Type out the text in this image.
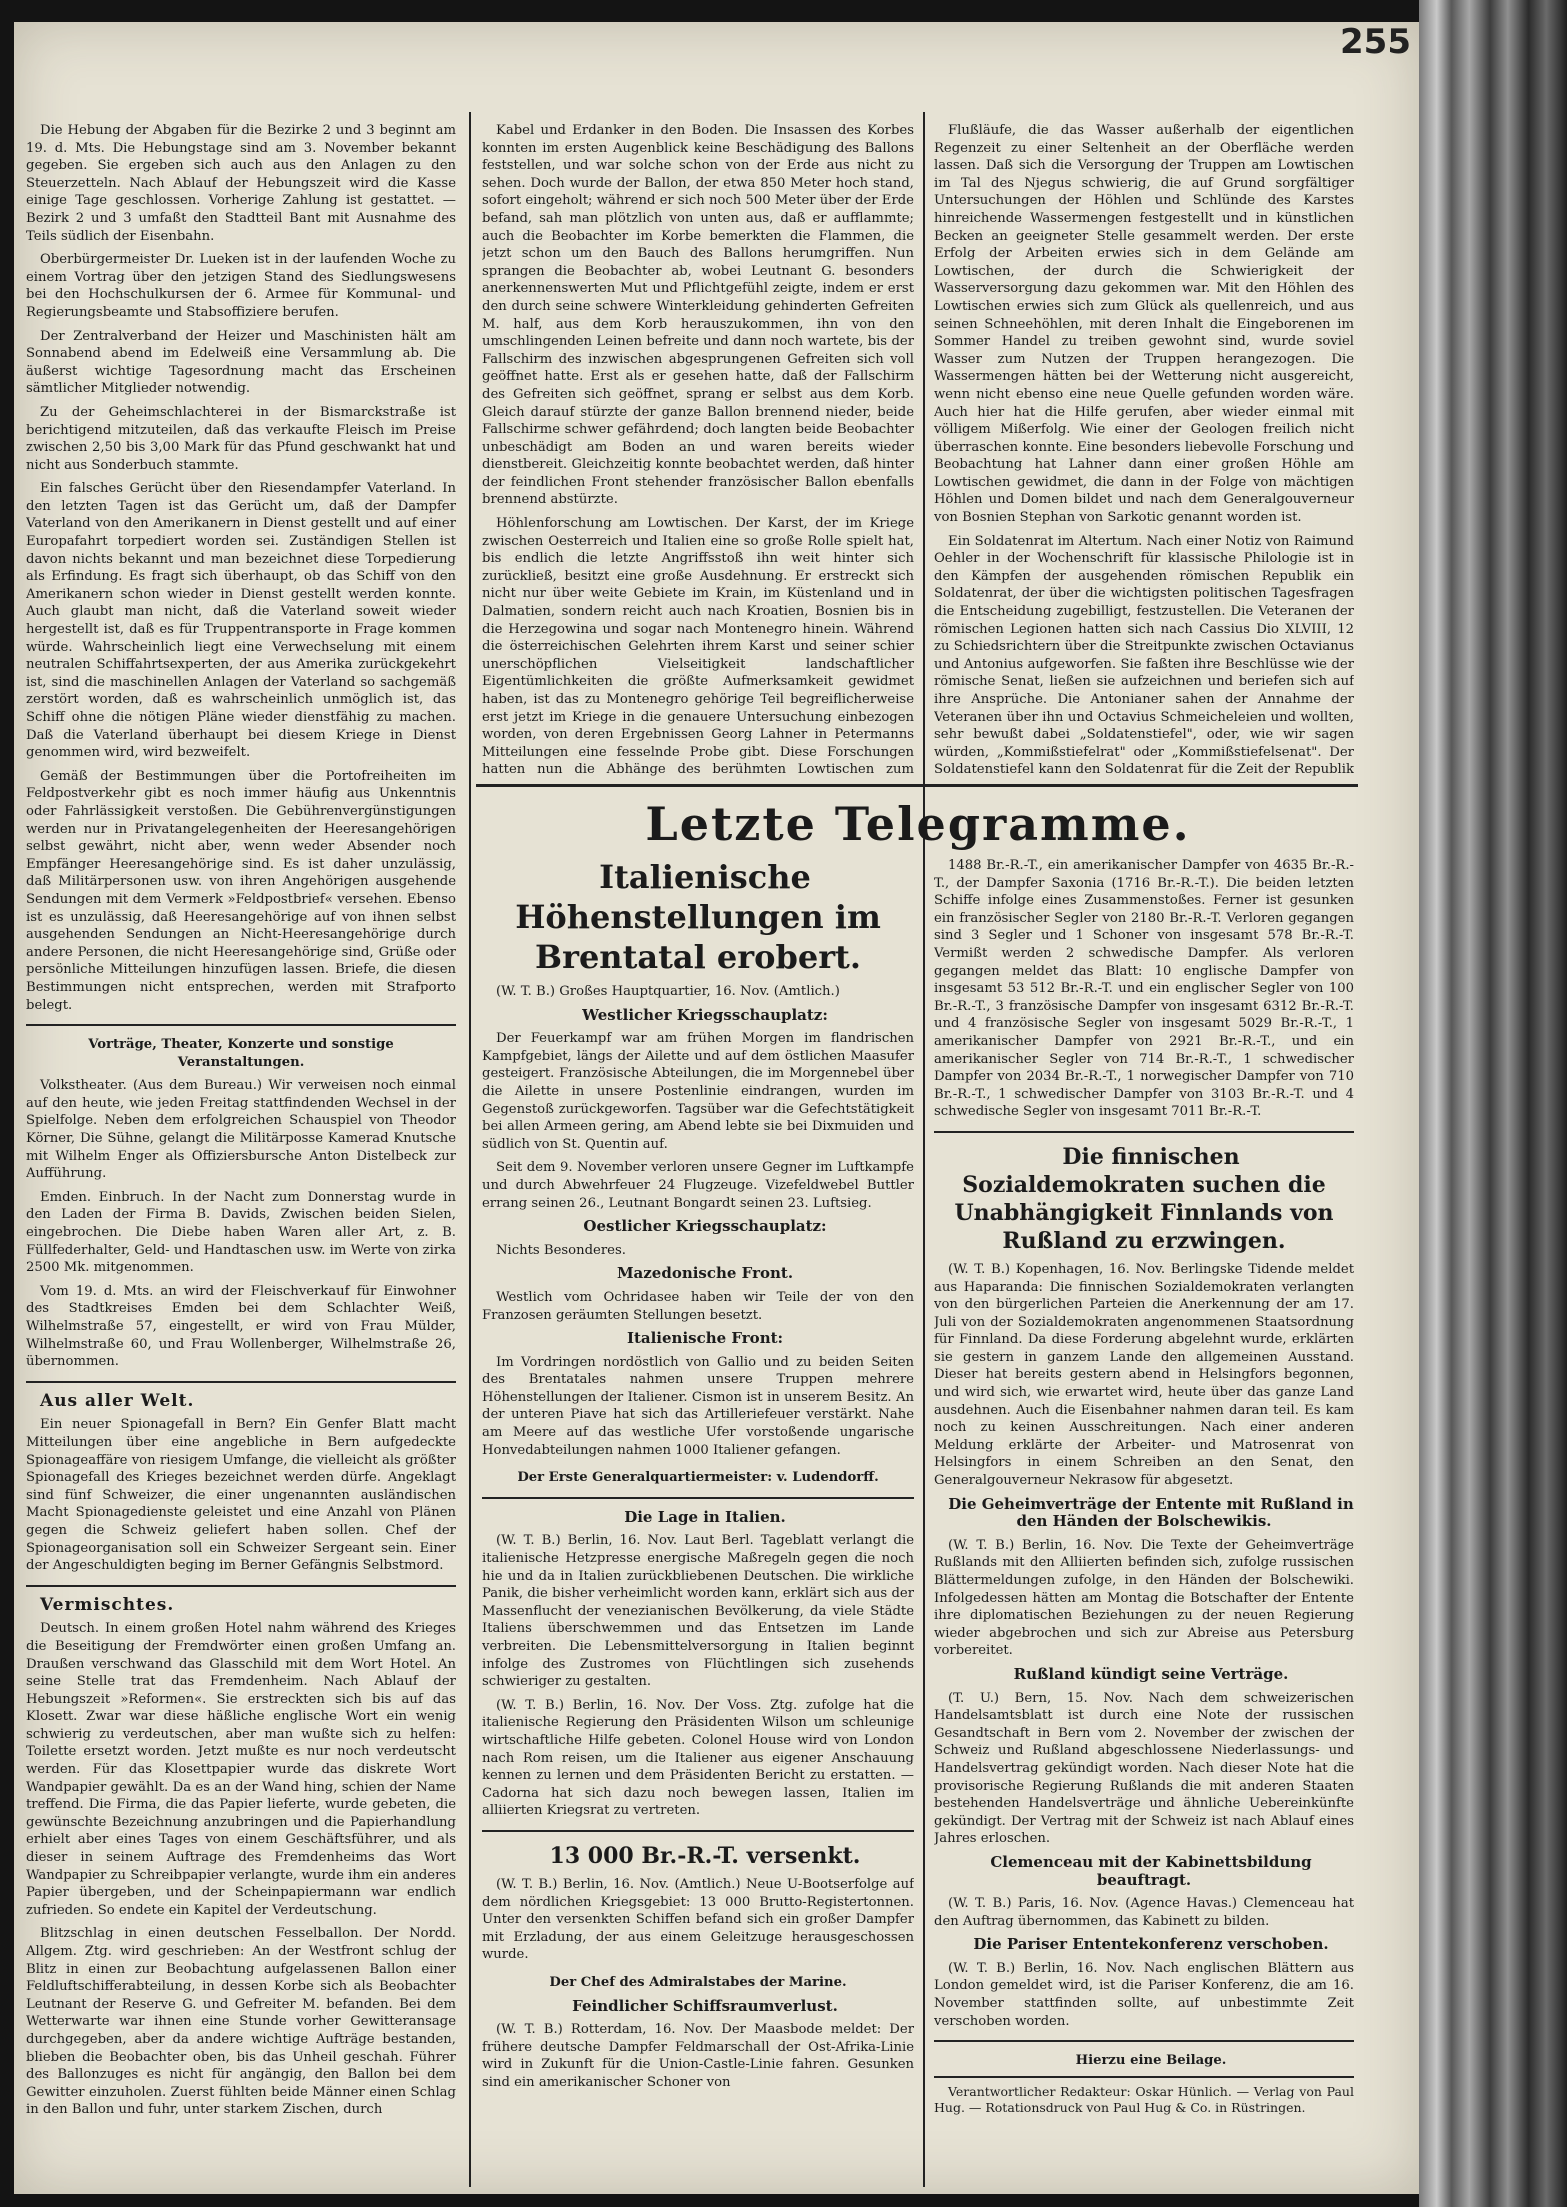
Die Hebung der Abgaben für die Bezirke 2 und 3 beginnt am 19. d. Mts. Die Hebungstage sind am 3. November bekannt gegeben. Sie ergeben sich auch aus den Anlagen zu den Steuerzetteln. Nach Ablauf der Hebungszeit wird die Kasse einige Tage geschlossen. Vorherige Zahlung ist gestattet. — Bezirk 2 und 3 umfaßt den Stadtteil Bant mit Ausnahme des Teils südlich der Eisenbahn.

Oberbürgermeister Dr. Lueken ist in der laufenden Woche zu einem Vortrag über den jetzigen Stand des Siedlungswesens bei den Hochschulkursen der 6. Armee für Kommunal- und Regierungsbeamte und Stabsoffiziere berufen.

Der Zentralverband der Heizer und Maschinisten hält am Sonnabend abend im Edelweiß eine Versammlung ab. Die äußerst wichtige Tagesordnung macht das Erscheinen sämtlicher Mitglieder notwendig.

Zu der Geheimschlachterei in der Bismarckstraße ist berichtigend mitzuteilen, daß das verkaufte Fleisch im Preise zwischen 2,50 bis 3,00 Mark für das Pfund geschwankt hat und nicht aus Sonderbuch stammte.

Ein falsches Gerücht über den Riesendampfer Vaterland. In den letzten Tagen ist das Gerücht um, daß der Dampfer Vaterland von den Amerikanern in Dienst gestellt und auf einer Europafahrt torpediert worden sei. Zuständigen Stellen ist davon nichts bekannt und man bezeichnet diese Torpedierung als Erfindung. Es fragt sich überhaupt, ob das Schiff von den Amerikanern schon wieder in Dienst gestellt werden konnte. Auch glaubt man nicht, daß die Vaterland soweit wieder hergestellt ist, daß es für Truppentransporte in Frage kommen würde. Wahrscheinlich liegt eine Verwechselung mit einem neutralen Schiffahrtsexperten, der aus Amerika zurückgekehrt ist, sind die maschinellen Anlagen der Vaterland so sachgemäß zerstört worden, daß es wahrscheinlich unmöglich ist, das Schiff ohne die nötigen Pläne wieder dienstfähig zu machen. Daß die Vaterland überhaupt bei diesem Kriege in Dienst genommen wird, wird bezweifelt.

Gemäß der Bestimmungen über die Portofreiheiten im Feldpostverkehr gibt es noch immer häufig aus Unkenntnis oder Fahrlässigkeit verstoßen. Die Gebührenvergünstigungen werden nur in Privatangelegenheiten der Heeresangehörigen selbst gewährt, nicht aber, wenn weder Absender noch Empfänger Heeresangehörige sind. Es ist daher unzulässig, daß Militärpersonen usw. von ihren Angehörigen ausgehende Sendungen mit dem Vermerk »Feldpostbrief« versehen. Ebenso ist es unzulässig, daß Heeresangehörige auf von ihnen selbst ausgehenden Sendungen an Nicht-Heeresangehörige durch andere Personen, die nicht Heeresangehörige sind, Grüße oder persönliche Mitteilungen hinzufügen lassen. Briefe, die diesen Bestimmungen nicht entsprechen, werden mit Strafporto belegt.

Vorträge, Theater, Konzerte und sonstige Veranstaltungen.

Volkstheater. (Aus dem Bureau.) Wir verweisen noch einmal auf den heute, wie jeden Freitag stattfindenden Wechsel in der Spielfolge. Neben dem erfolgreichen Schauspiel von Theodor Körner, Die Sühne, gelangt die Militärposse Kamerad Knutsche mit Wilhelm Enger als Offiziersbursche Anton Distelbeck zur Aufführung.

Emden. Einbruch. In der Nacht zum Donnerstag wurde in den Laden der Firma B. Davids, Zwischen beiden Sielen, eingebrochen. Die Diebe haben Waren aller Art, z. B. Füllfederhalter, Geld- und Handtaschen usw. im Werte von zirka 2500 Mk. mitgenommen.

Vom 19. d. Mts. an wird der Fleischverkauf für Einwohner des Stadtkreises Emden bei dem Schlachter Weiß, Wilhelmstraße 57, eingestellt, er wird von Frau Mülder, Wilhelmstraße 60, und Frau Wollenberger, Wilhelmstraße 26, übernommen.

Aus aller Welt.

Ein neuer Spionagefall in Bern? Ein Genfer Blatt macht Mitteilungen über eine angebliche in Bern aufgedeckte Spionageaffäre von riesigem Umfange, die vielleicht als größter Spionagefall des Krieges bezeichnet werden dürfe. Angeklagt sind fünf Schweizer, die einer ungenannten ausländischen Macht Spionagedienste geleistet und eine Anzahl von Plänen gegen die Schweiz geliefert haben sollen. Chef der Spionageorganisation soll ein Schweizer Sergeant sein. Einer der Angeschuldigten beging im Berner Gefängnis Selbstmord.

Vermischtes.

Deutsch. In einem großen Hotel nahm während des Krieges die Beseitigung der Fremdwörter einen großen Umfang an. Draußen verschwand das Glasschild mit dem Wort Hotel. An seine Stelle trat das Fremdenheim. Nach Ablauf der Hebungszeit »Reformen«. Sie erstreckten sich bis auf das Klosett. Zwar war diese häßliche englische Wort ein wenig schwierig zu verdeutschen, aber man wußte sich zu helfen: Toilette ersetzt worden. Jetzt mußte es nur noch verdeutscht werden. Für das Klosettpapier wurde das diskrete Wort Wandpapier gewählt. Da es an der Wand hing, schien der Name treffend. Die Firma, die das Papier lieferte, wurde gebeten, die gewünschte Bezeichnung anzubringen und die Papierhandlung erhielt aber eines Tages von einem Geschäftsführer, und als dieser in seinem Auftrage des Fremdenheims das Wort Wandpapier zu Schreibpapier verlangte, wurde ihm ein anderes Papier übergeben, und der Scheinpapiermann war endlich zufrieden. So endete ein Kapitel der Verdeutschung.

Blitzschlag in einen deutschen Fesselballon. Der Nordd. Allgem. Ztg. wird geschrieben: An der Westfront schlug der Blitz in einen zur Beobachtung aufgelassenen Ballon einer Feldluftschifferabteilung, in dessen Korbe sich als Beobachter Leutnant der Reserve G. und Gefreiter M. befanden. Bei dem Wetterwarte war ihnen eine Stunde vorher Gewitteransage durchgegeben, aber da andere wichtige Aufträge bestanden, blieben die Beobachter oben, bis das Unheil geschah. Führer des Ballonzuges es nicht für angängig, den Ballon bei dem Gewitter einzuholen. Zuerst fühlten beide Männer einen Schlag in den Ballon und fuhr, unter starkem Zischen, durch

Kabel und Erdanker in den Boden. Die Insassen des Korbes konnten im ersten Augenblick keine Beschädigung des Ballons feststellen, und war solche schon von der Erde aus nicht zu sehen. Doch wurde der Ballon, der etwa 850 Meter hoch stand, sofort eingeholt; während er sich noch 500 Meter über der Erde befand, sah man plötzlich von unten aus, daß er aufflammte; auch die Beobachter im Korbe bemerkten die Flammen, die jetzt schon um den Bauch des Ballons herumgriffen. Nun sprangen die Beobachter ab, wobei Leutnant G. besonders anerkennenswerten Mut und Pflichtgefühl zeigte, indem er erst den durch seine schwere Winterkleidung gehinderten Gefreiten M. half, aus dem Korb herauszukommen, ihn von den umschlingenden Leinen befreite und dann noch wartete, bis der Fallschirm des inzwischen abgesprungenen Gefreiten sich voll geöffnet hatte. Erst als er gesehen hatte, daß der Fallschirm des Gefreiten sich geöffnet, sprang er selbst aus dem Korb. Gleich darauf stürzte der ganze Ballon brennend nieder, beide Fallschirme schwer gefährdend; doch langten beide Beobachter unbeschädigt am Boden an und waren bereits wieder dienstbereit. Gleichzeitig konnte beobachtet werden, daß hinter der feindlichen Front stehender französischer Ballon ebenfalls brennend abstürzte.

Höhlenforschung am Lowtischen. Der Karst, der im Kriege zwischen Oesterreich und Italien eine so große Rolle spielt hat, bis endlich die letzte Angriffsstoß ihn weit hinter sich zurückließ, besitzt eine große Ausdehnung. Er erstreckt sich nicht nur über weite Gebiete im Krain, im Küstenland und in Dalmatien, sondern reicht auch nach Kroatien, Bosnien bis in die Herzegowina und sogar nach Montenegro hinein. Während die österreichischen Gelehrten ihrem Karst und seiner schier unerschöpflichen Vielseitigkeit landschaftlicher Eigentümlichkeiten die größte Aufmerksamkeit gewidmet haben, ist das zu Montenegro gehörige Teil begreiflicherweise erst jetzt im Kriege in die genauere Untersuchung einbezogen worden, von deren Ergebnissen Georg Lahner in Petermanns Mitteilungen eine fesselnde Probe gibt. Diese Forschungen hatten nun die Abhänge des berühmten Lowtischen zum

Flußläufe, die das Wasser außerhalb der eigentlichen Regenzeit zu einer Seltenheit an der Oberfläche werden lassen. Daß sich die Versorgung der Truppen am Lowtischen im Tal des Njegus schwierig, die auf Grund sorgfältiger Untersuchungen der Höhlen und Schlünde des Karstes hinreichende Wassermengen festgestellt und in künstlichen Becken an geeigneter Stelle gesammelt werden. Der erste Erfolg der Arbeiten erwies sich in dem Gelände am Lowtischen, der durch die Schwierigkeit der Wasserversorgung dazu gekommen war. Mit den Höhlen des Lowtischen erwies sich zum Glück als quellenreich, und aus seinen Schneehöhlen, mit deren Inhalt die Eingeborenen im Sommer Handel zu treiben gewohnt sind, wurde soviel Wasser zum Nutzen der Truppen herangezogen. Die Wassermengen hätten bei der Wetterung nicht ausgereicht, wenn nicht ebenso eine neue Quelle gefunden worden wäre. Auch hier hat die Hilfe gerufen, aber wieder einmal mit völligem Mißerfolg. Wie einer der Geologen freilich nicht überraschen konnte. Eine besonders liebevolle Forschung und Beobachtung hat Lahner dann einer großen Höhle am Lowtischen gewidmet, die dann in der Folge von mächtigen Höhlen und Domen bildet und nach dem Generalgouverneur von Bosnien Stephan von Sarkotic genannt worden ist.

Ein Soldatenrat im Altertum. Nach einer Notiz von Raimund Oehler in der Wochenschrift für klassische Philologie ist in den Kämpfen der ausgehenden römischen Republik ein Soldatenrat, der über die wichtigsten politischen Tagesfragen die Entscheidung zugebilligt, festzustellen. Die Veteranen der römischen Legionen hatten sich nach Cassius Dio XLVIII, 12 zu Schiedsrichtern über die Streitpunkte zwischen Octavianus und Antonius aufgeworfen. Sie faßten ihre Beschlüsse wie der römische Senat, ließen sie aufzeichnen und beriefen sich auf ihre Ansprüche. Die Antonianer sahen der Annahme der Veteranen über ihn und Octavius Schmeicheleien und wollten, sehr bewußt dabei „Soldatenstiefel", oder, wie wir sagen würden, „Kommißstiefelrat" oder „Kommißstiefelsenat". Der Soldatenstiefel kann den Soldatenrat für die Zeit der Republik

Letzte Telegramme.

Italienische Höhenstellungen im Brentatal erobert.

(W. T. B.) Großes Hauptquartier, 16. Nov. (Amtlich.)

Westlicher Kriegsschauplatz:

Der Feuerkampf war am frühen Morgen im flandrischen Kampfgebiet, längs der Ailette und auf dem östlichen Maasufer gesteigert. Französische Abteilungen, die im Morgennebel über die Ailette in unsere Postenlinie eindrangen, wurden im Gegenstoß zurückgeworfen. Tagsüber war die Gefechtstätigkeit bei allen Armeen gering, am Abend lebte sie bei Dixmuiden und südlich von St. Quentin auf.

Seit dem 9. November verloren unsere Gegner im Luftkampfe und durch Abwehrfeuer 24 Flugzeuge. Vizefeldwebel Buttler errang seinen 26., Leutnant Bongardt seinen 23. Luftsieg.

Oestlicher Kriegsschauplatz:

Nichts Besonderes.

Mazedonische Front.

Westlich vom Ochridasee haben wir Teile der von den Franzosen geräumten Stellungen besetzt.

Italienische Front:

Im Vordringen nordöstlich von Gallio und zu beiden Seiten des Brentatales nahmen unsere Truppen mehrere Höhenstellungen der Italiener. Cismon ist in unserem Besitz. An der unteren Piave hat sich das Artilleriefeuer verstärkt. Nahe am Meere auf das westliche Ufer vorstoßende ungarische Honvedabteilungen nahmen 1000 Italiener gefangen.

Der Erste Generalquartiermeister: v. Ludendorff.

Die Lage in Italien.

(W. T. B.) Berlin, 16. Nov. Laut Berl. Tageblatt verlangt die italienische Hetzpresse energische Maßregeln gegen die noch hie und da in Italien zurückbliebenen Deutschen. Die wirkliche Panik, die bisher verheimlicht worden kann, erklärt sich aus der Massenflucht der venezianischen Bevölkerung, da viele Städte Italiens überschwemmen und das Entsetzen im Lande verbreiten. Die Lebensmittelversorgung in Italien beginnt infolge des Zustromes von Flüchtlingen sich zusehends schwieriger zu gestalten.

(W. T. B.) Berlin, 16. Nov. Der Voss. Ztg. zufolge hat die italienische Regierung den Präsidenten Wilson um schleunige wirtschaftliche Hilfe gebeten. Colonel House wird von London nach Rom reisen, um die Italiener aus eigener Anschauung kennen zu lernen und dem Präsidenten Bericht zu erstatten. — Cadorna hat sich dazu noch bewegen lassen, Italien im alliierten Kriegsrat zu vertreten.

13 000 Br.-R.-T. versenkt.

(W. T. B.) Berlin, 16. Nov. (Amtlich.) Neue U-Bootserfolge auf dem nördlichen Kriegsgebiet: 13 000 Brutto-Registertonnen. Unter den versenkten Schiffen befand sich ein großer Dampfer mit Erzladung, der aus einem Geleitzuge herausgeschossen wurde.

Der Chef des Admiralstabes der Marine.

Feindlicher Schiffsraumverlust.

(W. T. B.) Rotterdam, 16. Nov. Der Maasbode meldet: Der frühere deutsche Dampfer Feldmarschall der Ost-Afrika-Linie wird in Zukunft für die Union-Castle-Linie fahren. Gesunken sind ein amerikanischer Schoner von

1488 Br.-R.-T., ein amerikanischer Dampfer von 4635 Br.-R.-T., der Dampfer Saxonia (1716 Br.-R.-T.). Die beiden letzten Schiffe infolge eines Zusammenstoßes. Ferner ist gesunken ein französischer Segler von 2180 Br.-R.-T. Verloren gegangen sind 3 Segler und 1 Schoner von insgesamt 578 Br.-R.-T. Vermißt werden 2 schwedische Dampfer. Als verloren gegangen meldet das Blatt: 10 englische Dampfer von insgesamt 53 512 Br.-R.-T. und ein englischer Segler von 100 Br.-R.-T., 3 französische Dampfer von insgesamt 6312 Br.-R.-T. und 4 französische Segler von insgesamt 5029 Br.-R.-T., 1 amerikanischer Dampfer von 2921 Br.-R.-T., und ein amerikanischer Segler von 714 Br.-R.-T., 1 schwedischer Dampfer von 2034 Br.-R.-T., 1 norwegischer Dampfer von 710 Br.-R.-T., 1 schwedischer Dampfer von 3103 Br.-R.-T. und 4 schwedische Segler von insgesamt 7011 Br.-R.-T.

Die finnischen Sozialdemokraten suchen die Unabhängigkeit Finnlands von Rußland zu erzwingen.

(W. T. B.) Kopenhagen, 16. Nov. Berlingske Tidende meldet aus Haparanda: Die finnischen Sozialdemokraten verlangten von den bürgerlichen Parteien die Anerkennung der am 17. Juli von der Sozialdemokraten angenommenen Staatsordnung für Finnland. Da diese Forderung abgelehnt wurde, erklärten sie gestern in ganzem Lande den allgemeinen Ausstand. Dieser hat bereits gestern abend in Helsingfors begonnen, und wird sich, wie erwartet wird, heute über das ganze Land ausdehnen. Auch die Eisenbahner nahmen daran teil. Es kam noch zu keinen Ausschreitungen. Nach einer anderen Meldung erklärte der Arbeiter- und Matrosenrat von Helsingfors in einem Schreiben an den Senat, den Generalgouverneur Nekrasow für abgesetzt.

Die Geheimverträge der Entente mit Rußland in den Händen der Bolschewikis.

(W. T. B.) Berlin, 16. Nov. Die Texte der Geheimverträge Rußlands mit den Alliierten befinden sich, zufolge russischen Blättermeldungen zufolge, in den Händen der Bolschewiki. Infolgedessen hätten am Montag die Botschafter der Entente ihre diplomatischen Beziehungen zu der neuen Regierung wieder abgebrochen und sich zur Abreise aus Petersburg vorbereitet.

Rußland kündigt seine Verträge.

(T. U.) Bern, 15. Nov. Nach dem schweizerischen Handelsamtsblatt ist durch eine Note der russischen Gesandtschaft in Bern vom 2. November der zwischen der Schweiz und Rußland abgeschlossene Niederlassungs- und Handelsvertrag gekündigt worden. Nach dieser Note hat die provisorische Regierung Rußlands die mit anderen Staaten bestehenden Handelsverträge und ähnliche Uebereinkünfte gekündigt. Der Vertrag mit der Schweiz ist nach Ablauf eines Jahres erloschen.

Clemenceau mit der Kabinettsbildung beauftragt.

(W. T. B.) Paris, 16. Nov. (Agence Havas.) Clemenceau hat den Auftrag übernommen, das Kabinett zu bilden.

Die Pariser Ententekonferenz verschoben.

(W. T. B.) Berlin, 16. Nov. Nach englischen Blättern aus London gemeldet wird, ist die Pariser Konferenz, die am 16. November stattfinden sollte, auf unbestimmte Zeit verschoben worden.

Hierzu eine Beilage.

Verantwortlicher Redakteur: Oskar Hünlich. — Verlag von Paul Hug. — Rotationsdruck von Paul Hug & Co. in Rüstringen.

255
